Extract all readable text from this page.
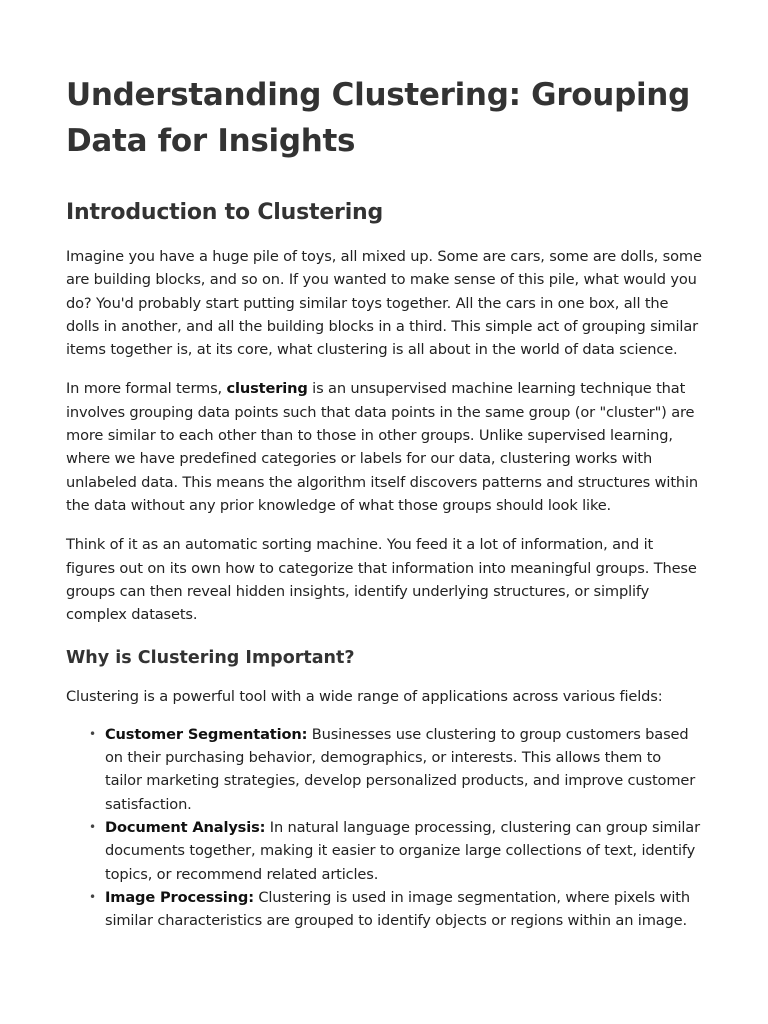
Understanding Clustering: Grouping Data for Insights
Introduction to Clustering

Imagine you have a huge pile of toys, all mixed up. Some are cars, some are dolls, some are building blocks, and so on. If you wanted to make sense of this pile, what would you do? You'd probably start putting similar toys together. All the cars in one box, all the dolls in another, and all the building blocks in a third. This simple act of grouping similar items together is, at its core, what clustering is all about in the world of data science.

In more formal terms, clustering is an unsupervised machine learning technique that involves grouping data points such that data points in the same group (or "cluster") are more similar to each other than to those in other groups. Unlike supervised learning, where we have predefined categories or labels for our data, clustering works with unlabeled data. This means the algorithm itself discovers patterns and structures within the data without any prior knowledge of what those groups should look like.

Think of it as an automatic sorting machine. You feed it a lot of information, and it figures out on its own how to categorize that information into meaningful groups. These groups can then reveal hidden insights, identify underlying structures, or simplify complex datasets.

Why is Clustering Important?

Clustering is a powerful tool with a wide range of applications across various fields:

• Customer Segmentation: Businesses use clustering to group customers based on their purchasing behavior, demographics, or interests. This allows them to tailor marketing strategies, develop personalized products, and improve customer satisfaction.
• Document Analysis: In natural language processing, clustering can group similar documents together, making it easier to organize large collections of text, identify topics, or recommend related articles.
• Image Processing: Clustering is used in image segmentation, where pixels with similar characteristics are grouped to identify objects or regions within an image.
